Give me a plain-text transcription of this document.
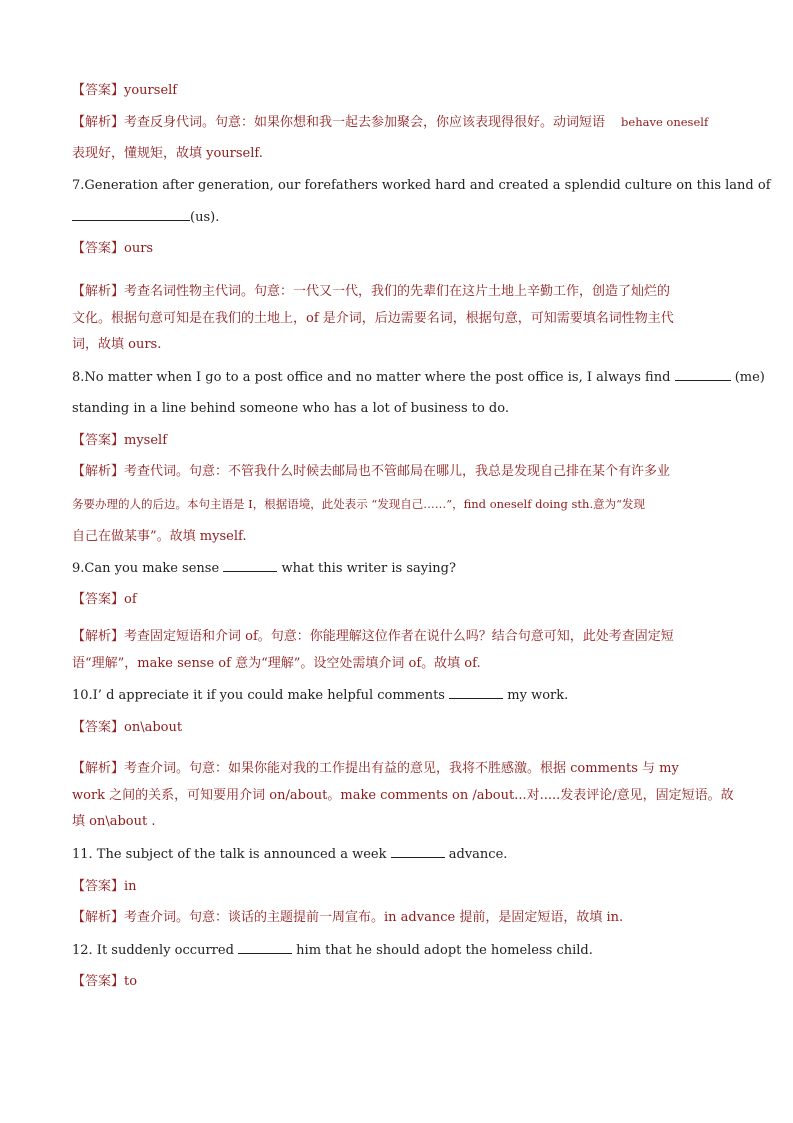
【答案】yourself
【解析】考查反身代词。句意：如果你想和我一起去参加聚会，你应该表现得很好。动词短语 behave oneself
表现好，懂规矩，故填 yourself.
7.Generation after generation, our forefathers worked hard and created a splendid culture on this land of
(us).
【答案】ours
【解析】考查名词性物主代词。句意：一代又一代，我们的先辈们在这片土地上辛勤工作，创造了灿烂的
文化。根据句意可知是在我们的土地上，of 是介词，后边需要名词，根据句意，可知需要填名词性物主代
词，故填 ours.
8.No matter when I go to a post office and no matter where the post office is, I always find	(me)
standing in a line behind someone who has a lot of business to do.
【答案】myself
【解析】考查代词。句意：不管我什么时候去邮局也不管邮局在哪儿，我总是发现自己排在某个有许多业
务要办理的人的后边。本句主语是 I，根据语境，此处表示 “发现自己……”，find oneself doing sth.意为“发现
自己在做某事”。故填 myself.
9.Can you make sense	what this writer is saying?
【答案】of
【解析】考查固定短语和介词 of。句意：你能理解这位作者在说什么吗？结合句意可知，此处考查固定短
语“理解”，make sense of 意为“理解”。设空处需填介词 of。故填 of.
10.I’ d appreciate it if you could make helpful comments	my work.
【答案】on\about
【解析】考查介词。句意：如果你能对我的工作提出有益的意见，我将不胜感激。根据 comments 与 my
work 之间的关系，可知要用介词 on/about。make comments on /about...对.....发表评论/意见，固定短语。故
填 on\about .
11. The subject of the talk is announced a week	advance.
【答案】in
【解析】考查介词。句意：谈话的主题提前一周宣布。in advance 提前，是固定短语，故填 in.
12. It suddenly occurred	him that he should adopt the homeless child.
【答案】to
